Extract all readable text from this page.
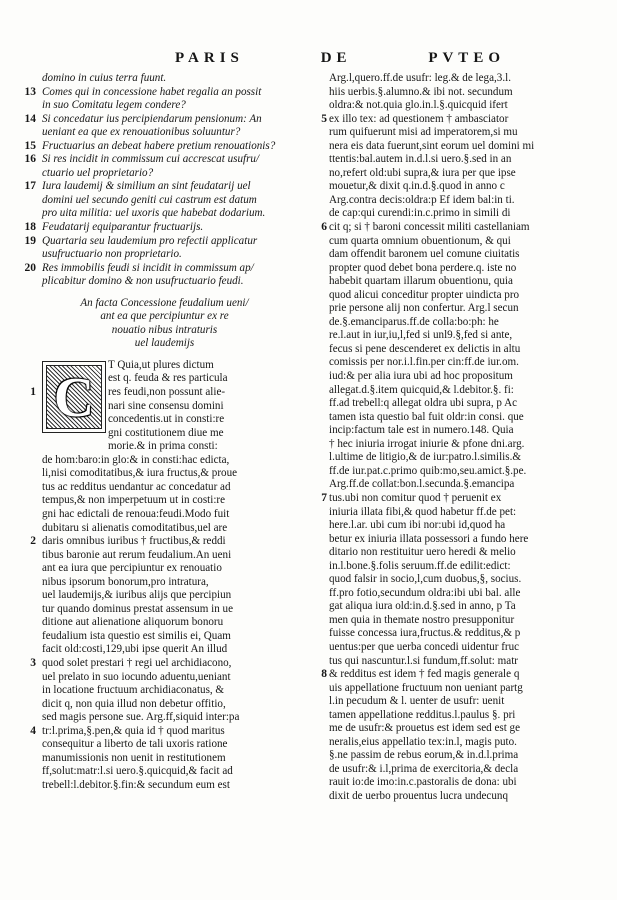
PARIS	DE	PVTEO
domino in cuius terra fuunt.
13 Comes qui in concessione habet regalia an possit
in suo Comitatu legem condere?
14 Si concedatur ius percipiendarum pensionum: An
ueniant ea que ex renouationibus soluuntur?
15 Fructuarius an debeat habere pretium renouationis?
16 Si res incidit in commissum cui accrescat usufru/
ctuario uel proprietario?
17 Iura laudemij & similium an sint feudatarij uel
domini uel secundo geniti cui castrum est datum
pro uita militia: uel uxoris que habebat dodarium.
18 Feudatarij equiparantur fructuarijs.
19 Quartaria seu laudemium pro refectii applicatur
usufructuario non proprietario.
20 Res immobilis feudi si incidit in commissum ap/
plicabitur domino & non usufructuario feudi.
An facta Concessione feudalium ueni/
ant ea que percipiuntur ex re
nouatio nibus intraturis
uel laudemijs
C
T Quia,ut plures dictum
est q. feuda & res particula
1	res feudi,non possunt alie-
nari sine consensu domini
concedentis.ut in consti:re
gni costitutionem diue me
morie.& in prima consti:
de hom:baro:in glo:& in consti:hac edicta,
li,nisi comoditatibus,& iura fructus,& proue
tus ac redditus uendantur ac concedatur ad
tempus,& non imperpetuum ut in costi:re
gni hac edictali de renoua:feudi.Modo fuit
dubitaru si alienatis comoditatibus,uel are
2 daris omnibus iuribus † fructibus,& reddi
tibus baronie aut rerum feudalium.An ueni
ant ea iura que percipiuntur ex renouatio
nibus ipsorum bonorum,pro intratura,
uel laudemijs,& iuribus alijs que percipiun
tur quando dominus prestat assensum in ue
ditione aut alienatione aliquorum bonoru
feudalium ista questio est similis ei, Quam
facit old:costi,129,ubi ipse querit An illud
3 quod solet prestari † regi uel archidiacono,
uel prelato in suo iocundo aduentu,ueniant
in locatione fructuum archidiaconatus, &
dicit q, non quia illud non debetur offitio,
sed magis persone sue. Arg.ff,siquid inter:pa
4 tr:l.prima,§.pen,& quia id † quod maritus
consequitur a liberto de tali uxoris ratione
manumissionis non uenit in restitutionem
ff,solut:matr:l.si uero.§.quicquid,& facit ad
trebell:l.debitor.§.fin:& secundum eum est
Arg.l,quero.ff.de usufr: leg.& de lega,3.l.
hiis uerbis.§.alumno.& ibi not. secundum
oldra:& not.quia glo.in.l.§.quicquid ifert
5 ex illo tex: ad questionem † ambasciator
rum quifuerunt misi ad imperatorem,si mu
nera eis data fuerunt,sint eorum uel domini mi
ttentis:bal.autem in.d.l.si uero.§.sed in an
no,refert old:ubi supra,& iura per que ipse
mouetur,& dixit q.in.d.§.quod in anno c
Arg.contra decis:oldra:p Ef idem bal:in ti.
de cap:qui curendi:in.c.primo in simili di
6 cit q; si † baroni concessit militi castellaniam
cum quarta omnium obuentionum, & qui
dam offendit baronem uel comune ciuitatis
propter quod debet bona perdere.q. iste no
habebit quartam illarum obuentionu, quia
quod alicui conceditur propter uindicta pro
prie persone alij non confertur. Arg.l secun
de.§.emanciparus.ff.de colla:bo:ph: he
re.l.aut in iur,iu,l,fed si unl9.§,fed si ante,
fecus si pene descenderet ex delictis in altu
comissis per nor.i.l.fin.per cin:ff.de iur.om.
iud:& per alia iura ubi ad hoc propositum
allegat.d.§.item quicquid,& l.debitor.§. fi:
ff.ad trebell:q allegat oldra ubi supra, p Ac
tamen ista questio bal fuit oldr:in consi. que
incip:factum tale est in numero.148. Quia
† hec iniuria irrogat iniurie & pfone dni.arg.
l.ultime de litigio,& de iur:patro.l.similis.&
ff.de iur.pat.c.primo quib:mo,seu.amict.§.pe.
Arg.ff.de collat:bon.l.secunda.§.emancipa
7 tus.ubi non comitur quod † peruenit ex
iniuria illata fibi,& quod habetur ff.de pet:
here.l.ar. ubi cum ibi nor:ubi id,quod ha
betur ex iniuria illata possessori a fundo here
ditario non restituitur uero heredi & melio
in.l.bone.§.folis seruum.ff.de edilit:edict:
quod falsir in socio,l,cum duobus,§, socius.
ff.pro fotio,secundum oldra:ibi ubi bal. alle
gat aliqua iura old:in.d.§.sed in anno, p Ta
men quia in themate nostro presupponitur
fuisse concessa iura,fructus.& redditus,& p
uentus:per que uerba concedi uidentur fruc
tus qui nascuntur.l.si fundum,ff.solut: matr
8 & redditus est idem † fed magis generale q
uis appellatione fructuum non ueniant partg
l.in pecudum & l. uenter de usufr: uenit
tamen appellatione redditus.l.paulus §. pri
me de usufr:& prouetus est idem sed est ge
neralis,eius appellatio tex:in.l, magis puto.
§.ne passim de rebus eorum,& in.d.l.prima
de usufr:& i.l,prima de exercitoria,& decla
rauit io:de imo:in.c.pastoralis de dona: ubi
dixit de uerbo prouentus lucra undecunq
